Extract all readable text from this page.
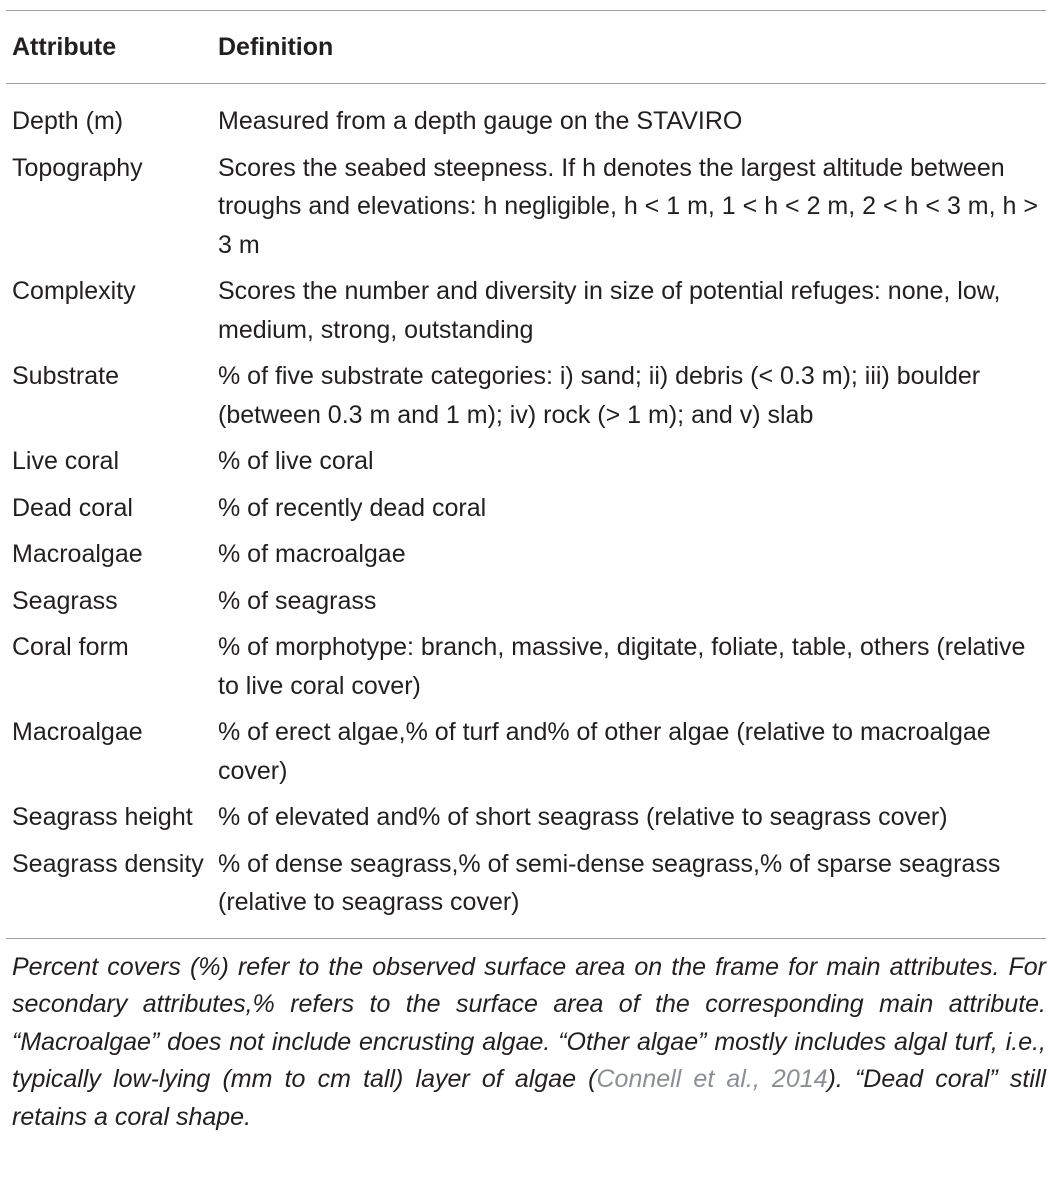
Attribute	Definition
Depth (m)	Measured from a depth gauge on the STAVIRO
Topography	Scores the seabed steepness. If h denotes the largest altitude between troughs and elevations: h negligible, h < 1 m, 1 < h < 2 m, 2 < h < 3 m, h > 3 m
Complexity	Scores the number and diversity in size of potential refuges: none, low, medium, strong, outstanding
Substrate	% of five substrate categories: i) sand; ii) debris (< 0.3 m); iii) boulder (between 0.3 m and 1 m); iv) rock (> 1 m); and v) slab
Live coral	% of live coral
Dead coral	% of recently dead coral
Macroalgae	% of macroalgae
Seagrass	% of seagrass
Coral form	% of morphotype: branch, massive, digitate, foliate, table, others (relative to live coral cover)
Macroalgae	% of erect algae,% of turf and% of other algae (relative to macroalgae cover)
Seagrass height	% of elevated and% of short seagrass (relative to seagrass cover)
Seagrass density	% of dense seagrass,% of semi-dense seagrass,% of sparse seagrass (relative to seagrass cover)
Percent covers (%) refer to the observed surface area on the frame for main attributes. For secondary attributes,% refers to the surface area of the corresponding main attribute. “Macroalgae” does not include encrusting algae. “Other algae” mostly includes algal turf, i.e., typically low-lying (mm to cm tall) layer of algae (Connell et al., 2014). “Dead coral” still retains a coral shape.
